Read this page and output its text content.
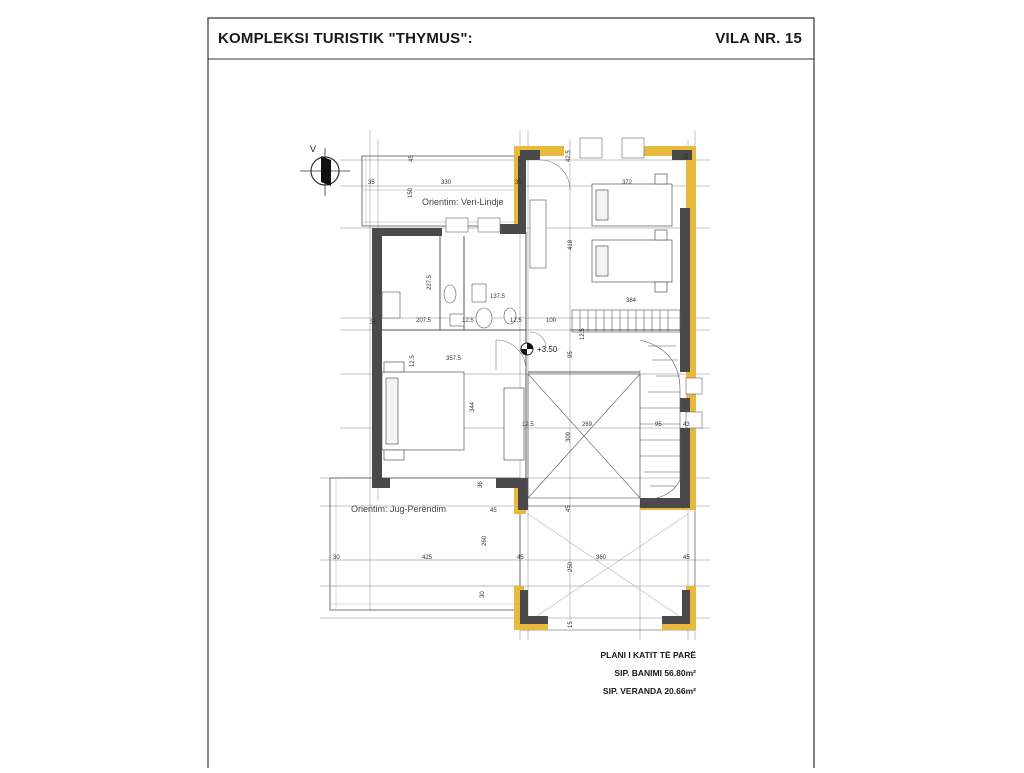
V
+3.50
Orientim: Veri-Lindje
Orientim: Jug-Perëndim
35	330
150
45
35
42.5
372
418
43
227.5
137.5
207.5	12.5	12.5	100
12.5
384
95
12.5
38
357.5
344
12.5	269	95	43
309
36
45
45	360	45
30	425
260
250
30
15
45
KOMPLEKSI TURISTIK "THYMUS":	VILA NR. 15
PLANI I KATIT TË PARË
SIP. BANIMI 56.80m²
SIP. VERANDA 20.66m²
